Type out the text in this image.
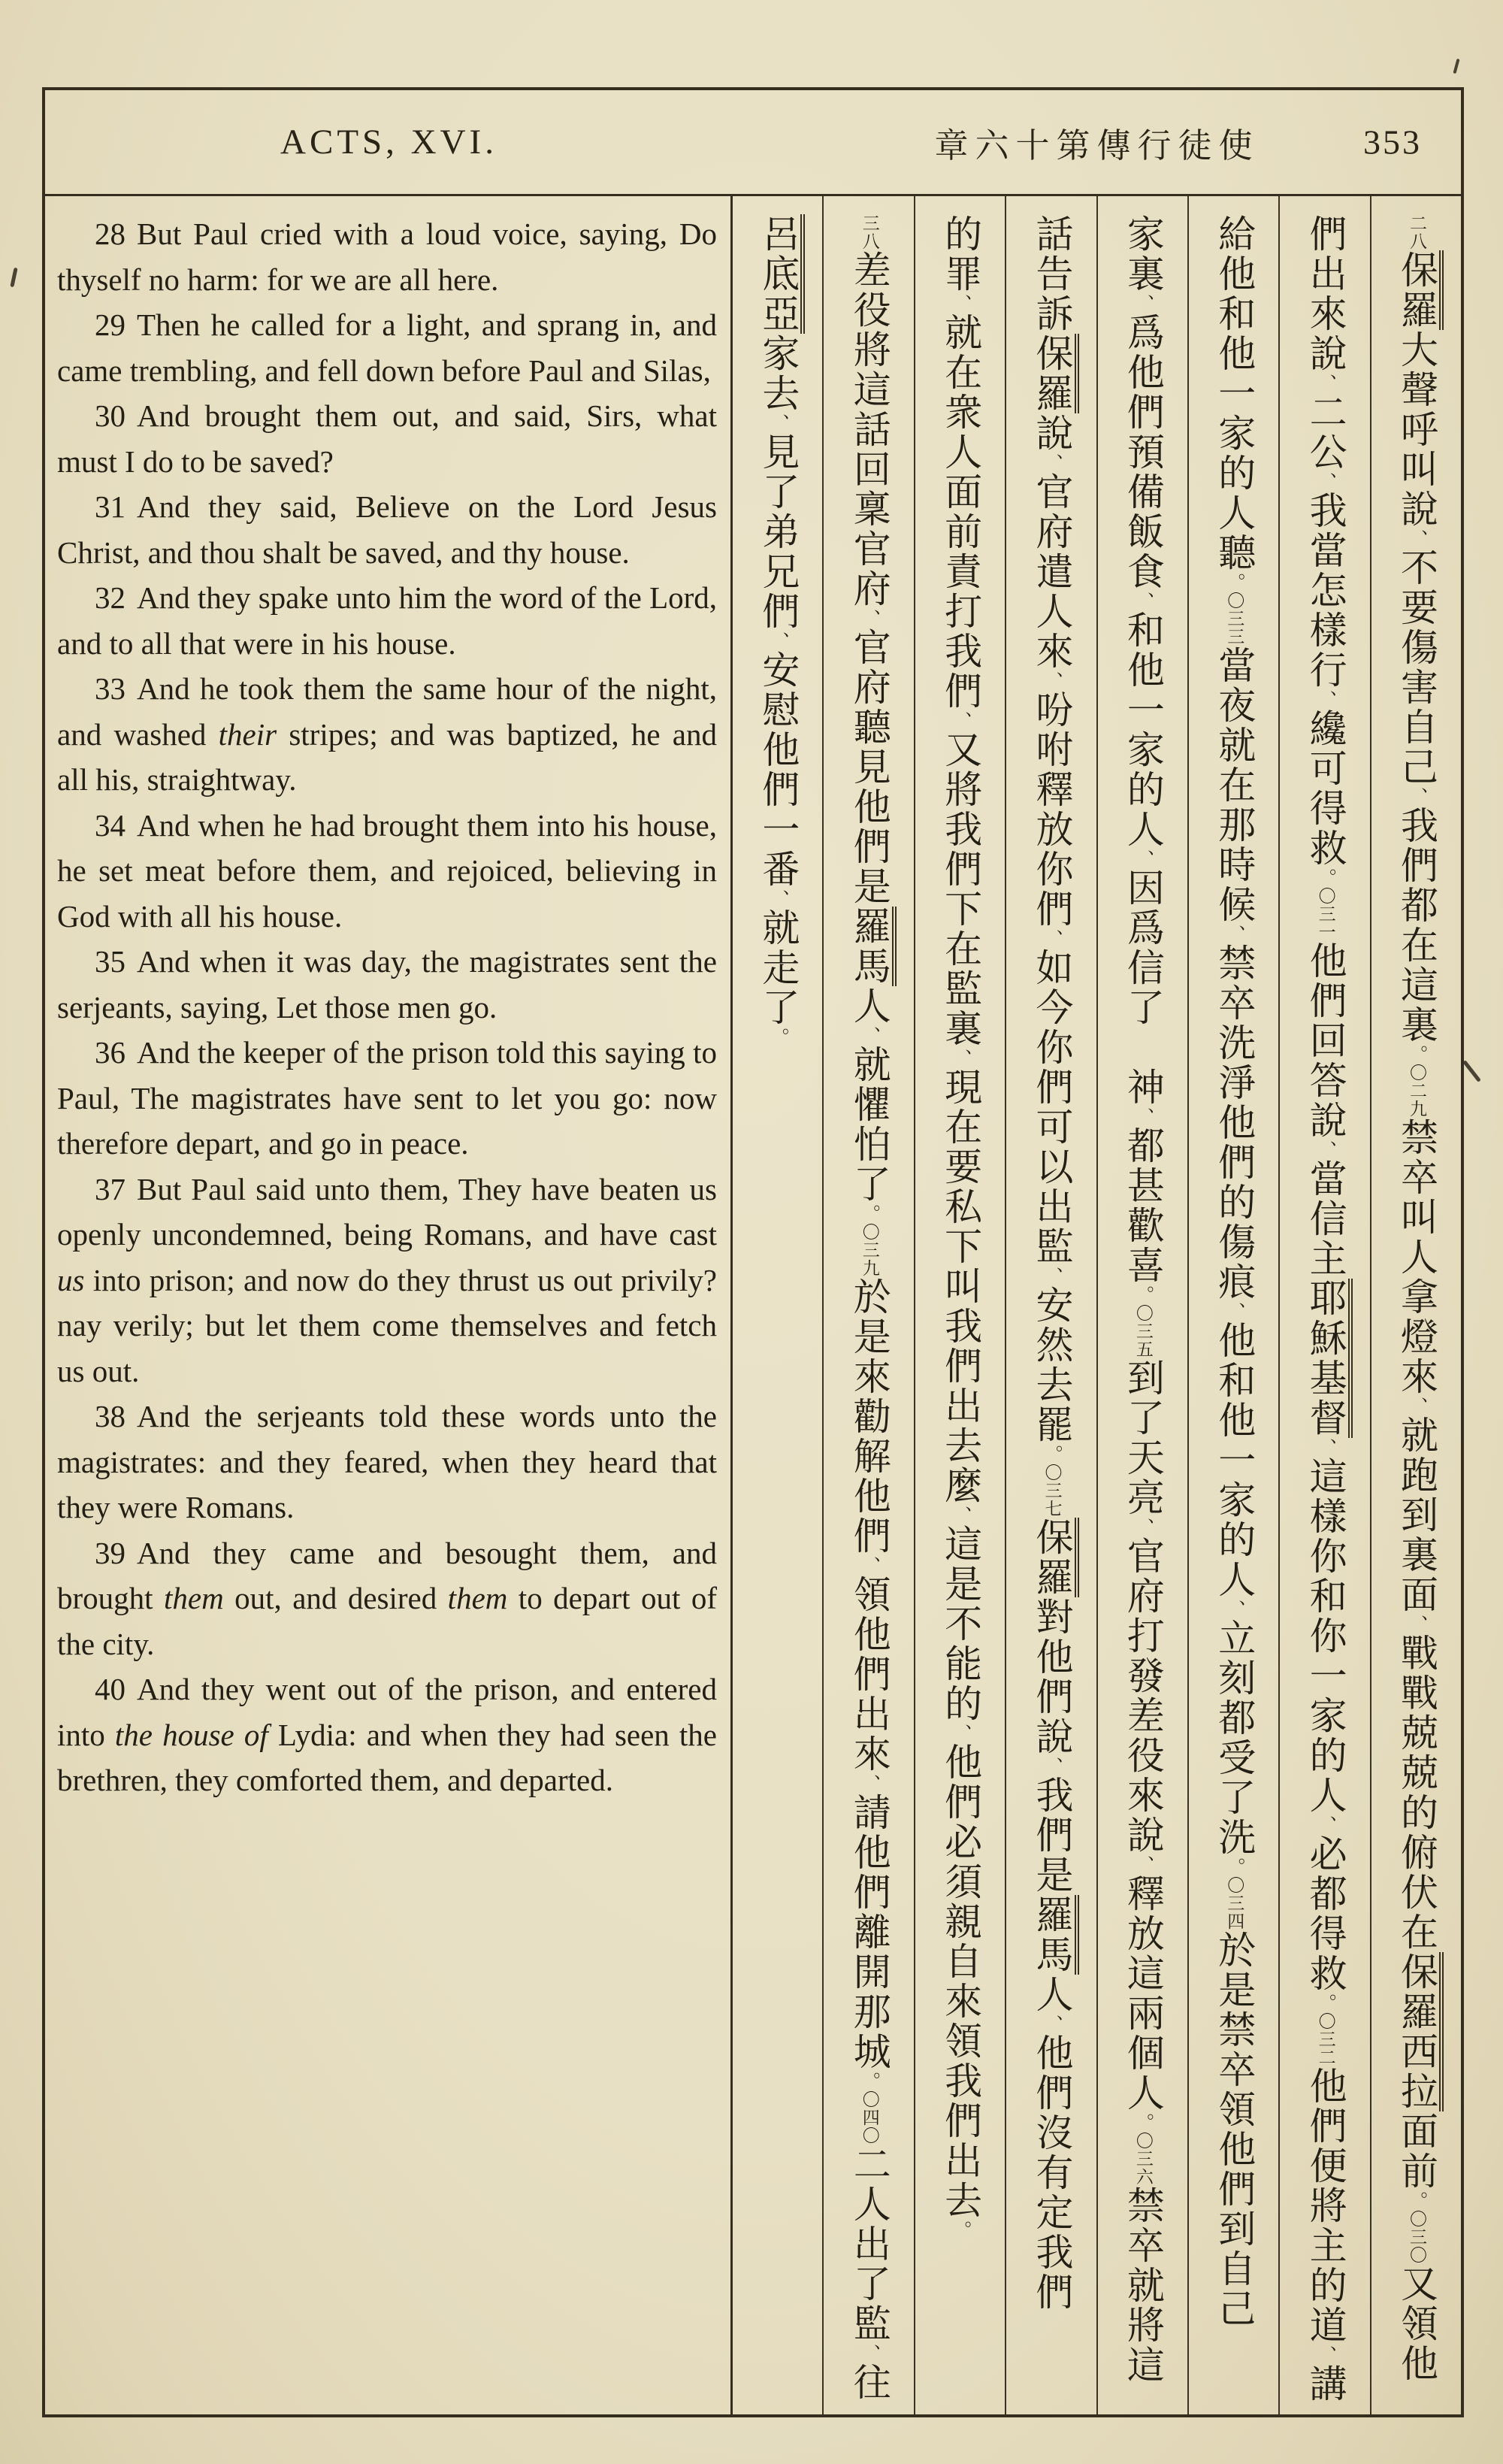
ACTS, XVI.	章六十第傳行徒使	353

28 But Paul cried with a loud voice, saying, Do thyself no harm: for we are all here.

29 Then he called for a light, and sprang in, and came trembling, and fell down before Paul and Silas,

30 And brought them out, and said, Sirs, what must I do to be saved?

31 And they said, Believe on the Lord Jesus Christ, and thou shalt be saved, and thy house.

32 And they spake unto him the word of the Lord, and to all that were in his house.

33 And he took them the same hour of the night, and washed their stripes; and was baptized, he and all his, straightway.

34 And when he had brought them into his house, he set meat before them, and rejoiced, believing in God with all his house.

35 And when it was day, the magistrates sent the serjeants, saying, Let those men go.

36 And the keeper of the prison told this saying to Paul, The magistrates have sent to let you go: now therefore depart, and go in peace.

37 But Paul said unto them, They have beaten us openly uncondemned, being Romans, and have cast us into prison; and now do they thrust us out privily? nay verily; but let them come themselves and fetch us out.

38 And the serjeants told these words unto the magistrates: and they feared, when they heard that they were Romans.

39 And they came and besought them, and brought them out, and desired them to depart out of the city.

40 And they went out of the prison, and entered into the house of Lydia: and when they had seen the brethren, they comforted them, and departed.

二八保羅大聲呼叫說、不要傷害自己、我們都在這裏。〇二九禁卒叫人拿燈來、就跑到裏面、戰戰兢兢的俯伏在保羅西拉面前。〇三〇又領他
們出來說、二公、我當怎樣行、纔可得救。〇三一他們回答說、當信主耶穌基督、這樣你和你一家的人、必都得救。〇三二他們便將主的道、講
給他和他一家的人聽。〇三三當夜就在那時候、禁卒洗淨他們的傷痕、他和他一家的人、立刻都受了洗。〇三四於是禁卒領他們到自己
家裏、爲他們預備飯食、和他一家的人、因爲信了　神、都甚歡喜。〇三五到了天亮、官府打發差役來說、釋放這兩個人。〇三六禁卒就將這
話告訴保羅說、官府遣人來、吩咐釋放你們、如今你們可以出監、安然去罷。〇三七保羅對他們說、我們是羅馬人、他們沒有定我們
的罪、就在衆人面前責打我們、又將我們下在監裏、現在要私下叫我們出去麼、這是不能的、他們必須親自來領我們出去。
三八差役將這話回稟官府、官府聽見他們是羅馬人、就懼怕了。〇三九於是來勸解他們、領他們出來、請他們離開那城。〇四〇二人出了監、往
呂底亞家去、見了弟兄們、安慰他們一番、就走了。
